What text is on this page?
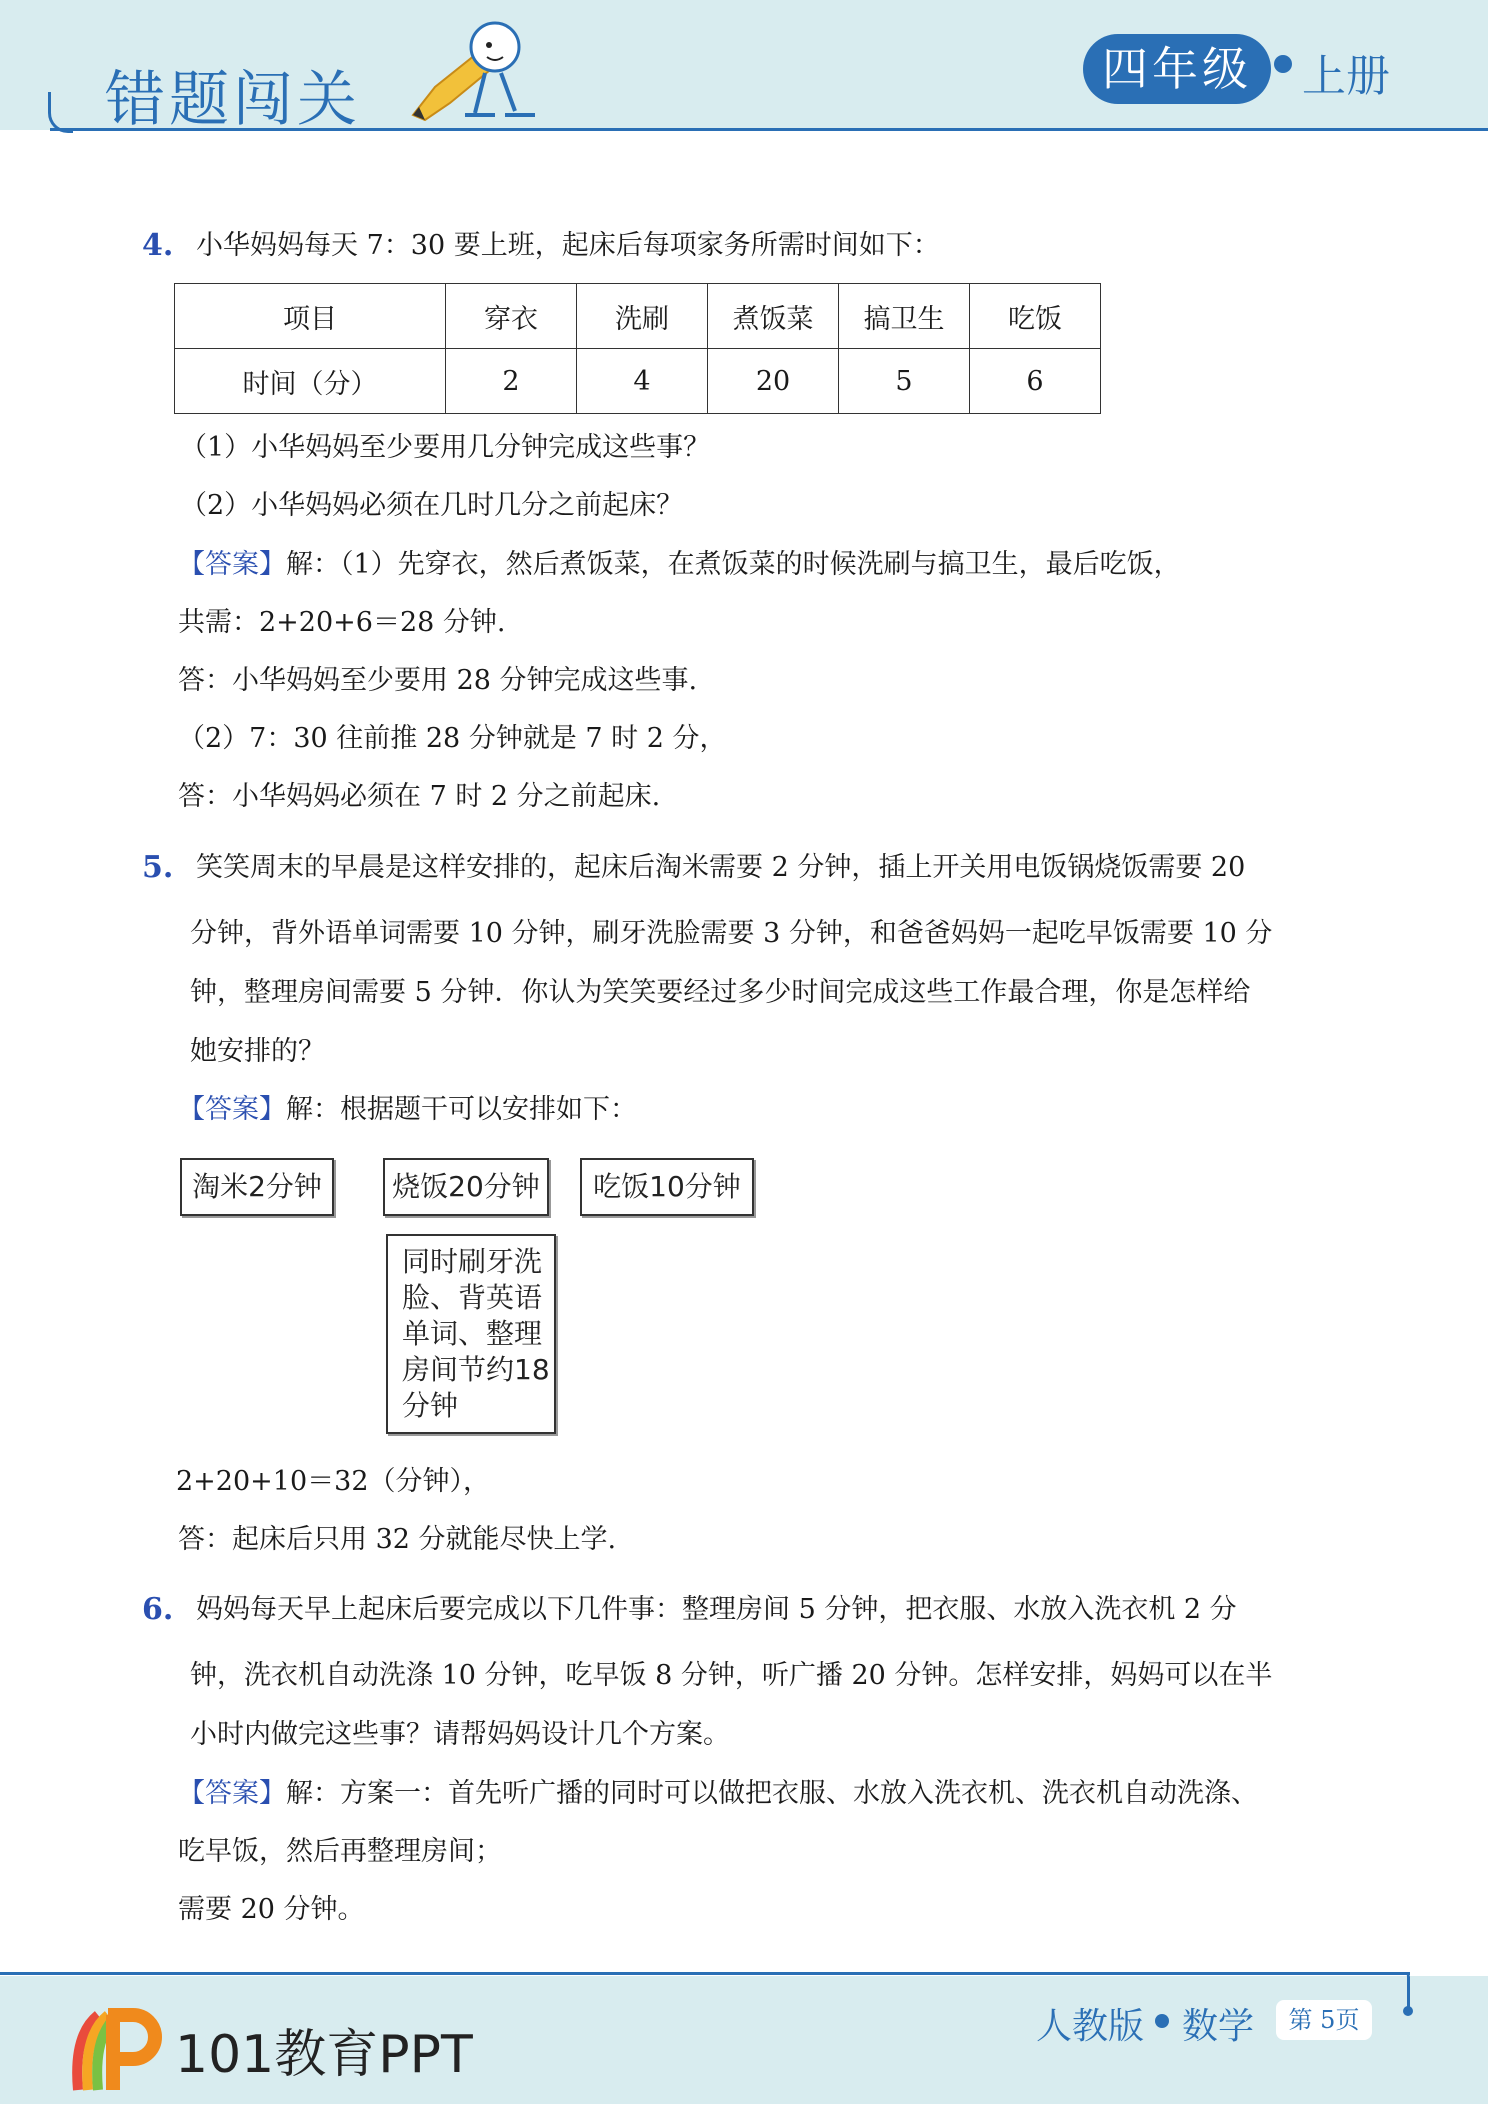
错题闯关	四年级	上册
4. 小华妈妈每天 7：30 要上班，起床后每项家务所需时间如下：
项目	穿衣	洗刷	煮饭菜	搞卫生	吃饭
时间（分）	2	4	20	5	6
（1）小华妈妈至少要用几分钟完成这些事？
（2）小华妈妈必须在几时几分之前起床？
【答案】解：（1）先穿衣，然后煮饭菜，在煮饭菜的时候洗刷与搞卫生，最后吃饭，
共需：2+20+6＝28 分钟.
答：小华妈妈至少要用 28 分钟完成这些事.
（2）7：30 往前推 28 分钟就是 7 时 2 分，
答：小华妈妈必须在 7 时 2 分之前起床.
5. 笑笑周末的早晨是这样安排的，起床后淘米需要 2 分钟，插上开关用电饭锅烧饭需要 20
分钟，背外语单词需要 10 分钟，刷牙洗脸需要 3 分钟，和爸爸妈妈一起吃早饭需要 10 分
钟，整理房间需要 5 分钟．你认为笑笑要经过多少时间完成这些工作最合理，你是怎样给
她安排的？
【答案】解：根据题干可以安排如下：
淘米2分钟	烧饭20分钟	吃饭10分钟
同时刷牙洗
脸、背英语
单词、整理
房间节约18
分钟
2+20+10＝32（分钟），
答：起床后只用 32 分就能尽快上学.
6. 妈妈每天早上起床后要完成以下几件事：整理房间 5 分钟，把衣服、水放入洗衣机 2 分
钟，洗衣机自动洗涤 10 分钟，吃早饭 8 分钟，听广播 20 分钟。怎样安排，妈妈可以在半
小时内做完这些事？请帮妈妈设计几个方案。
【答案】解：方案一：首先听广播的同时可以做把衣服、水放入洗衣机、洗衣机自动洗涤、
吃早饭，然后再整理房间；
需要 20 分钟。
101教育PPT	人教版 数学	第 5页
